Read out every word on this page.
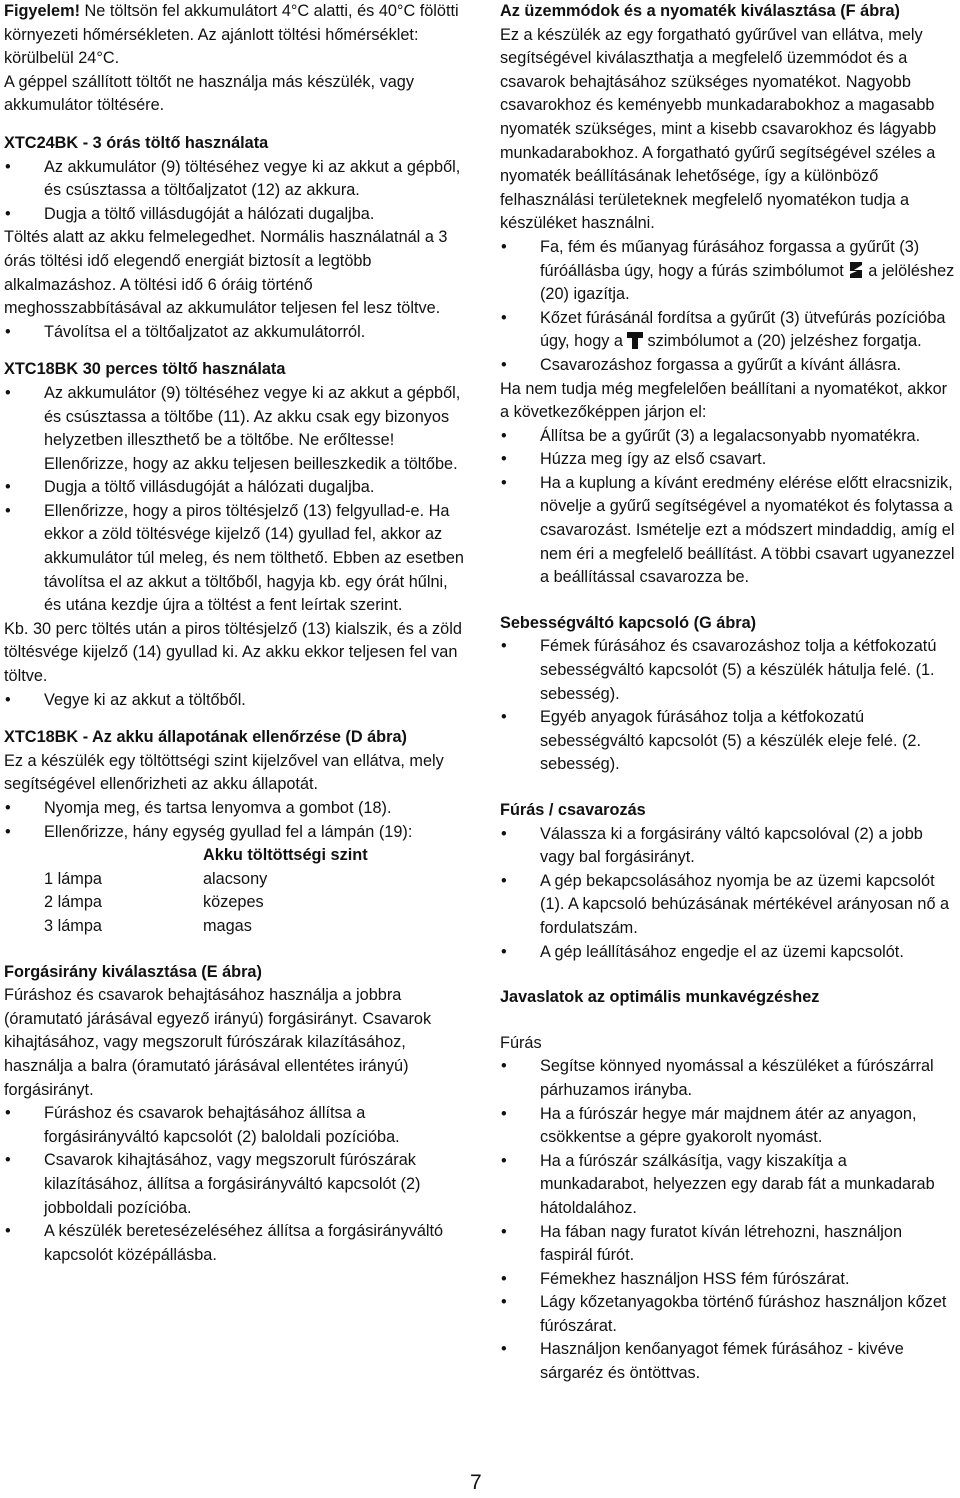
Figyelem! Ne töltsön fel akkumulátort 4°C alatti, és 40°C fölötti környezeti hőmérsékleten. Az ajánlott töltési hőmérséklet: körülbelül 24°C.

A géppel szállított töltőt ne használja más készülék, vagy akkumulátor töltésére.

XTC24BK - 3 órás töltő használata

• Az akkumulátor (9) töltéséhez vegye ki az akkut a gépből, és csúsztassa a töltőaljzatot (12) az akkura.

• Dugja a töltő villásdugóját a hálózati dugaljba.

Töltés alatt az akku felmelegedhet. Normális használatnál a 3 órás töltési idő elegendő energiát biztosít a legtöbb alkalmazáshoz. A töltési idő 6 óráig történő meghosszabbításával az akkumulátor teljesen fel lesz töltve.

• Távolítsa el a töltőaljzatot az akkumulátorról.

XTC18BK 30 perces töltő használata

• Az akkumulátor (9) töltéséhez vegye ki az akkut a gépből, és csúsztassa a töltőbe (11). Az akku csak egy bizonyos helyzetben illeszthető be a töltőbe. Ne erőltesse! Ellenőrizze, hogy az akku teljesen beilleszkedik a töltőbe.

• Dugja a töltő villásdugóját a hálózati dugaljba.

• Ellenőrizze, hogy a piros töltésjelző (13) felgyullad-e. Ha ekkor a zöld töltésvége kijelző (14) gyullad fel, akkor az akkumulátor túl meleg, és nem tölthető. Ebben az esetben távolítsa el az akkut a töltőből, hagyja kb. egy órát hűlni, és utána kezdje újra a töltést a fent leírtak szerint.

Kb. 30 perc töltés után a piros töltésjelző (13) kialszik, és a zöld töltésvége kijelző (14) gyullad ki. Az akku ekkor teljesen fel van töltve.

• Vegye ki az akkut a töltőből.

XTC18BK - Az akku állapotának ellenőrzése (D ábra)

Ez a készülék egy töltöttségi szint kijelzővel van ellátva, mely segítségével ellenőrizheti az akku állapotát.

• Nyomja meg, és tartsa lenyomva a gombot (18).

• Ellenőrizze, hány egység gyullad fel a lámpán (19):

Akku töltöttségi szint
1 lámpa	alacsony
2 lámpa	közepes
3 lámpa	magas

Forgásirány kiválasztása (E ábra)

Fúráshoz és csavarok behajtásához használja a jobbra (óramutató járásával egyező irányú) forgásirányt. Csavarok kihajtásához, vagy megszorult fúrószárak kilazításához, használja a balra (óramutató járásával ellentétes irányú) forgásirányt.

• Fúráshoz és csavarok behajtásához állítsa a forgásirányváltó kapcsolót (2) baloldali pozícióba.

• Csavarok kihajtásához, vagy megszorult fúrószárak kilazításához, állítsa a forgásirányváltó kapcsolót (2) jobboldali pozícióba.

• A készülék beretesézeléséhez állítsa a forgásirányváltó kapcsolót középállásba.

Az üzemmódok és a nyomaték kiválasztása (F ábra)

Ez a készülék az egy forgatható gyűrűvel van ellátva, mely segítségével kiválaszthatja a megfelelő üzemmódot és a csavarok behajtásához szükséges nyomatékot. Nagyobb csavarokhoz és keményebb munkadarabokhoz a magasabb nyomaték szükséges, mint a kisebb csavarokhoz és lágyabb munkadarabokhoz. A forgatható gyűrű segítségével széles a nyomaték beállításának lehetősége, így a különböző felhasználási területeknek megfelelő nyomatékon tudja a készüléket használni.

• Fa, fém és műanyag fúrásához forgassa a gyűrűt (3) fúróállásba úgy, hogy a fúrás szimbólumot a jelöléshez (20) igazítja.

• Kőzet fúrásánál fordítsa a gyűrűt (3) ütvefúrás pozícióba úgy, hogy a szimbólumot a (20) jelzéshez forgatja.

• Csavarozáshoz forgassa a gyűrűt a kívánt állásra.

Ha nem tudja még megfelelően beállítani a nyomatékot, akkor a következőképpen járjon el:

• Állítsa be a gyűrűt (3) a legalacsonyabb nyomatékra.

• Húzza meg így az első csavart.

• Ha a kuplung a kívánt eredmény elérése előtt elracsnizik, növelje a gyűrű segítségével a nyomatékot és folytassa a csavarozást. Ismételje ezt a módszert mindaddig, amíg el nem éri a megfelelő beállítást. A többi csavart ugyanezzel a beállítással csavarozza be.

Sebességváltó kapcsoló (G ábra)

• Fémek fúrásához és csavarozáshoz tolja a kétfokozatú sebességváltó kapcsolót (5) a készülék hátulja felé. (1. sebesség).

• Egyéb anyagok fúrásához tolja a kétfokozatú sebességváltó kapcsolót (5) a készülék eleje felé. (2. sebesség).

Fúrás / csavarozás

• Válassza ki a forgásirány váltó kapcsolóval (2) a jobb vagy bal forgásirányt.

• A gép bekapcsolásához nyomja be az üzemi kapcsolót (1). A kapcsoló behúzásának mértékével arányosan nő a fordulatszám.

• A gép leállításához engedje el az üzemi kapcsolót.

Javaslatok az optimális munkavégzéshez

Fúrás

• Segítse könnyed nyomással a készüléket a fúrószárral párhuzamos irányba.

• Ha a fúrószár hegye már majdnem átér az anyagon, csökkentse a gépre gyakorolt nyomást.

• Ha a fúrószár szálkásítja, vagy kiszakítja a munkadarabot, helyezzen egy darab fát a munkadarab hátoldalához.

• Ha fában nagy furatot kíván létrehozni, használjon faspirál fúrót.

• Fémekhez használjon HSS fém fúrószárat.

• Lágy kőzetanyagokba történő fúráshoz használjon kőzet fúrószárat.

• Használjon kenőanyagot fémek fúrásához - kivéve sárgaréz és öntöttvas.

7
